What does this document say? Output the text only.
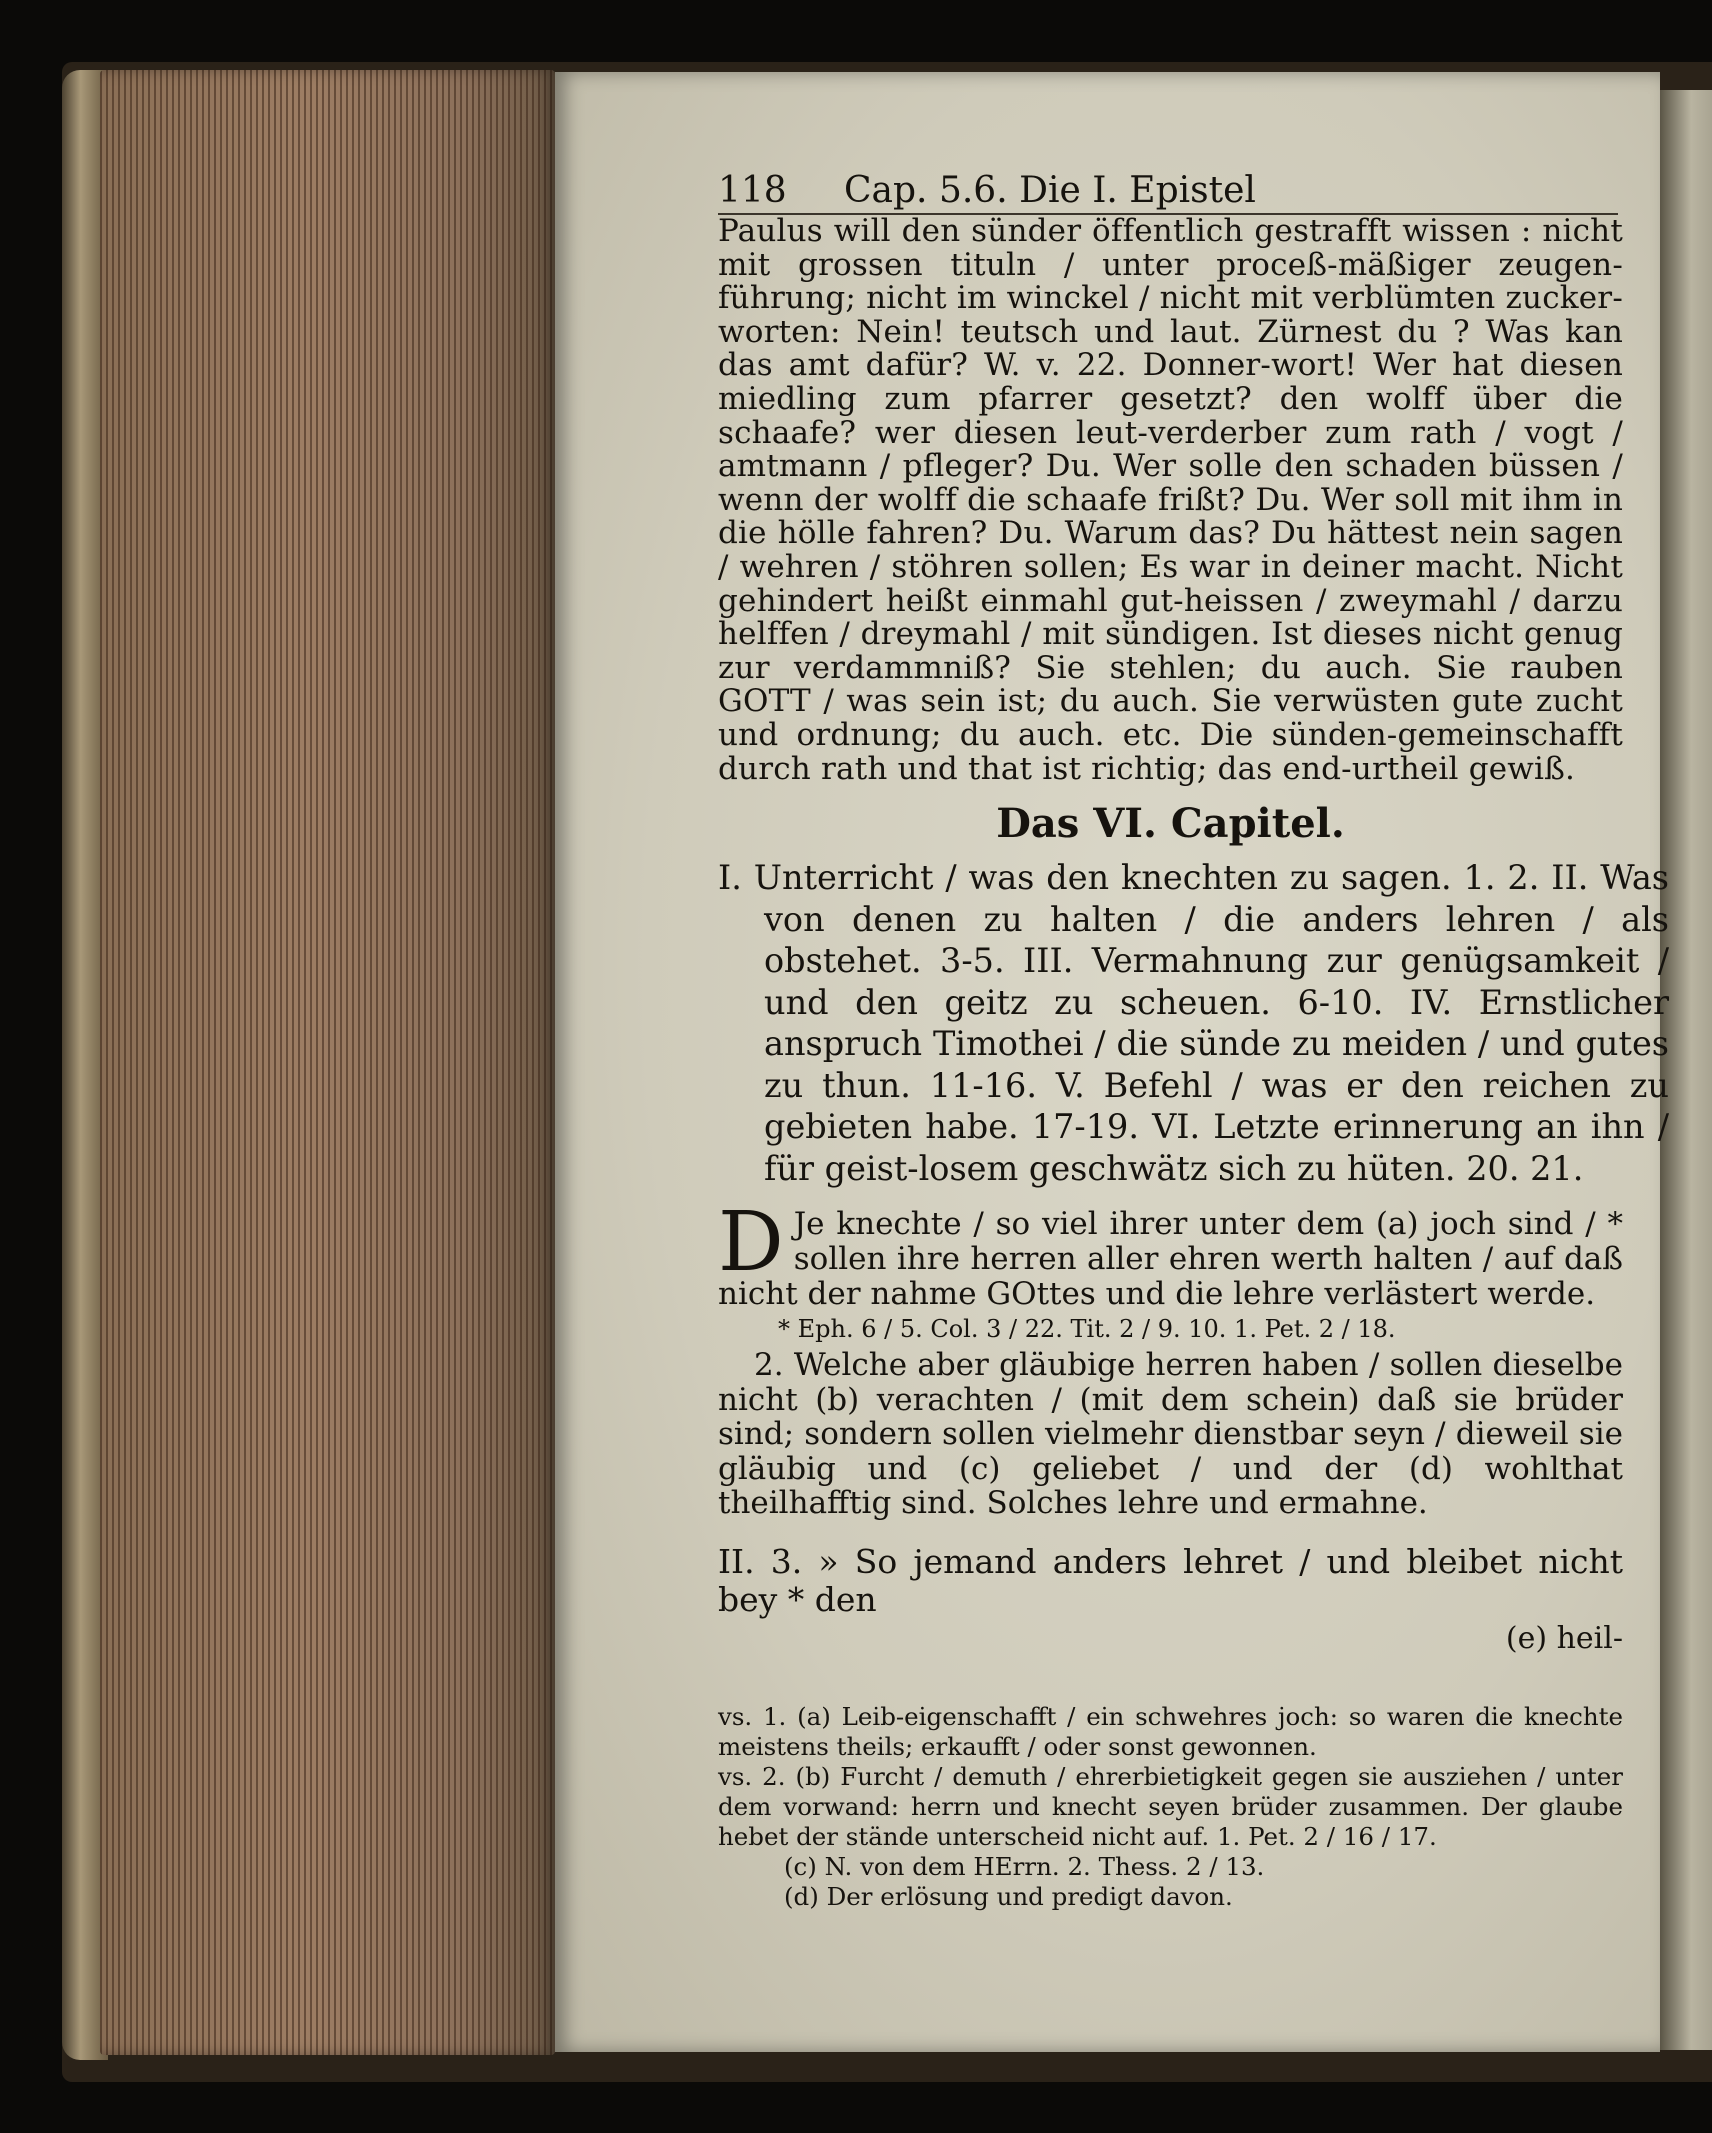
118	Cap. 5.6. Die I. Epistel

Paulus will den sünder öffentlich gestrafft wissen : nicht mit grossen tituln / unter proceß-mäßiger zeugen-führung; nicht im winckel / nicht mit verblümten zucker-worten: Nein! teutsch und laut. Zürnest du ? Was kan das amt dafür? W. v. 22. Donner-wort! Wer hat diesen miedling zum pfarrer gesetzt? den wolff über die schaafe? wer diesen leut-verderber zum rath / vogt / amtmann / pfleger? Du. Wer solle den schaden büssen / wenn der wolff die schaafe frißt? Du. Wer soll mit ihm in die hölle fahren? Du. Warum das? Du hättest nein sagen / wehren / stöhren sollen; Es war in deiner macht. Nicht gehindert heißt einmahl gut-heissen / zweymahl / darzu helffen / dreymahl / mit sündigen. Ist dieses nicht genug zur verdammniß? Sie stehlen; du auch. Sie rauben GOTT / was sein ist; du auch. Sie verwüsten gute zucht und ordnung; du auch. etc. Die sünden-gemeinschafft durch rath und that ist richtig; das end-urtheil gewiß.

Das VI. Capitel.

I. Unterricht / was den knechten zu sagen. 1. 2. II. Was von denen zu halten / die anders lehren / als obstehet. 3-5. III. Vermahnung zur genügsamkeit / und den geitz zu scheuen. 6-10. IV. Ernstlicher anspruch Timothei / die sünde zu meiden / und gutes zu thun. 11-16. V. Befehl / was er den reichen zu gebieten habe. 17-19. VI. Letzte erinnerung an ihn / für geist-losem geschwätz sich zu hüten. 20. 21.

D Je knechte / so viel ihrer unter dem (a) joch sind / * sollen ihre herren aller ehren werth halten / auf daß nicht der nahme GOttes und die lehre verlästert werde.

* Eph. 6 / 5. Col. 3 / 22. Tit. 2 / 9. 10. 1. Pet. 2 / 18.

2. Welche aber gläubige herren haben / sollen dieselbe nicht (b) verachten / (mit dem schein) daß sie brüder sind; sondern sollen vielmehr dienstbar seyn / dieweil sie gläubig und (c) geliebet / und der (d) wohlthat theilhafftig sind. Solches lehre und ermahne.

II. 3. » So jemand anders lehret / und bleibet nicht bey * den

(e) heil-

vs. 1. (a) Leib-eigenschafft / ein schwehres joch: so waren die knechte meistens theils; erkaufft / oder sonst gewonnen.

vs. 2. (b) Furcht / demuth / ehrerbietigkeit gegen sie ausziehen / unter dem vorwand: herrn und knecht seyen brüder zusammen. Der glaube hebet der stände unterscheid nicht auf. 1. Pet. 2 / 16 / 17.

(c) N. von dem HErrn. 2. Thess. 2 / 13.

(d) Der erlösung und predigt davon.
